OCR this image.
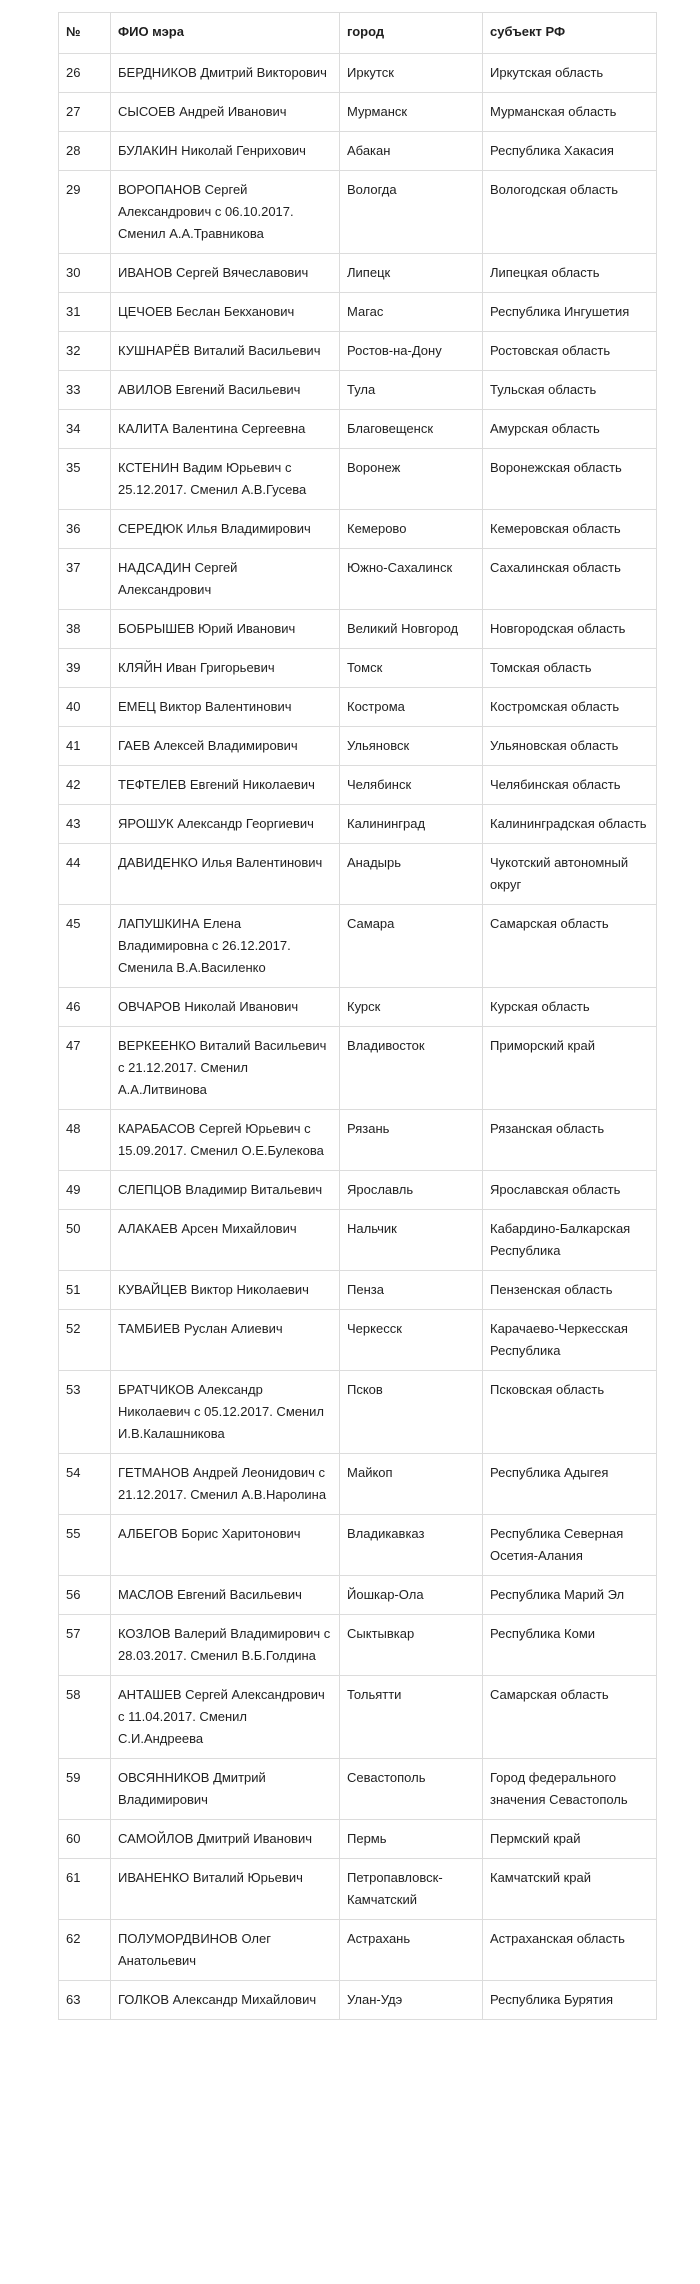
№	ФИО мэра	город	субъект РФ
26	БЕРДНИКОВ Дмитрий Викторович	Иркутск	Иркутская область
27	СЫСОЕВ Андрей Иванович	Мурманск	Мурманская область
28	БУЛАКИН Николай Генрихович	Абакан	Республика Хакасия
29	ВОРОПАНОВ Сергей Александрович с 06.10.2017. Сменил А.А.Травникова	Вологда	Вологодская область
30	ИВАНОВ Сергей Вячеславович	Липецк	Липецкая область
31	ЦЕЧОЕВ Беслан Бекханович	Магас	Республика Ингушетия
32	КУШНАРЁВ Виталий Васильевич	Ростов-на-Дону	Ростовская область
33	АВИЛОВ Евгений Васильевич	Тула	Тульская область
34	КАЛИТА Валентина Сергеевна	Благовещенск	Амурская область
35	КСТЕНИН Вадим Юрьевич с 25.12.2017. Сменил А.В.Гусева	Воронеж	Воронежская область
36	СЕРЕДЮК Илья Владимирович	Кемерово	Кемеровская область
37	НАДСАДИН Сергей Александрович	Южно-Сахалинск	Сахалинская область
38	БОБРЫШЕВ Юрий Иванович	Великий Новгород	Новгородская область
39	КЛЯЙН Иван Григорьевич	Томск	Томская область
40	ЕМЕЦ Виктор Валентинович	Кострома	Костромская область
41	ГАЕВ Алексей Владимирович	Ульяновск	Ульяновская область
42	ТЕФТЕЛЕВ Евгений Николаевич	Челябинск	Челябинская область
43	ЯРОШУК Александр Георгиевич	Калининград	Калининградская область
44	ДАВИДЕНКО Илья Валентинович	Анадырь	Чукотский автономный округ
45	ЛАПУШКИНА Елена Владимировна с 26.12.2017. Сменила В.А.Василенко	Самара	Самарская область
46	ОВЧАРОВ Николай Иванович	Курск	Курская область
47	ВЕРКЕЕНКО Виталий Васильевич с 21.12.2017. Сменил А.А.Литвинова	Владивосток	Приморский край
48	КАРАБАСОВ Сергей Юрьевич с 15.09.2017. Сменил О.Е.Булекова	Рязань	Рязанская область
49	СЛЕПЦОВ Владимир Витальевич	Ярославль	Ярославская область
50	АЛАКАЕВ Арсен Михайлович	Нальчик	Кабардино-Балкарская Республика
51	КУВАЙЦЕВ Виктор Николаевич	Пенза	Пензенская область
52	ТАМБИЕВ Руслан Алиевич	Черкесск	Карачаево-Черкесская Республика
53	БРАТЧИКОВ Александр Николаевич с 05.12.2017. Сменил И.В.Калашникова	Псков	Псковская область
54	ГЕТМАНОВ Андрей Леонидович с 21.12.2017. Сменил А.В.Наролина	Майкоп	Республика Адыгея
55	АЛБЕГОВ Борис Харитонович	Владикавказ	Республика Северная Осетия-Алания
56	МАСЛОВ Евгений Васильевич	Йошкар-Ола	Республика Марий Эл
57	КОЗЛОВ Валерий Владимирович с 28.03.2017. Сменил В.Б.Голдина	Сыктывкар	Республика Коми
58	АНТАШЕВ Сергей Александрович с 11.04.2017. Сменил С.И.Андреева	Тольятти	Самарская область
59	ОВСЯННИКОВ Дмитрий Владимирович	Севастополь	Город федерального значения Севастополь
60	САМОЙЛОВ Дмитрий Иванович	Пермь	Пермский край
61	ИВАНЕНКО Виталий Юрьевич	Петропавловск-Камчатский	Камчатский край
62	ПОЛУМОРДВИНОВ Олег Анатольевич	Астрахань	Астраханская область
63	ГОЛКОВ Александр Михайлович	Улан-Удэ	Республика Бурятия
